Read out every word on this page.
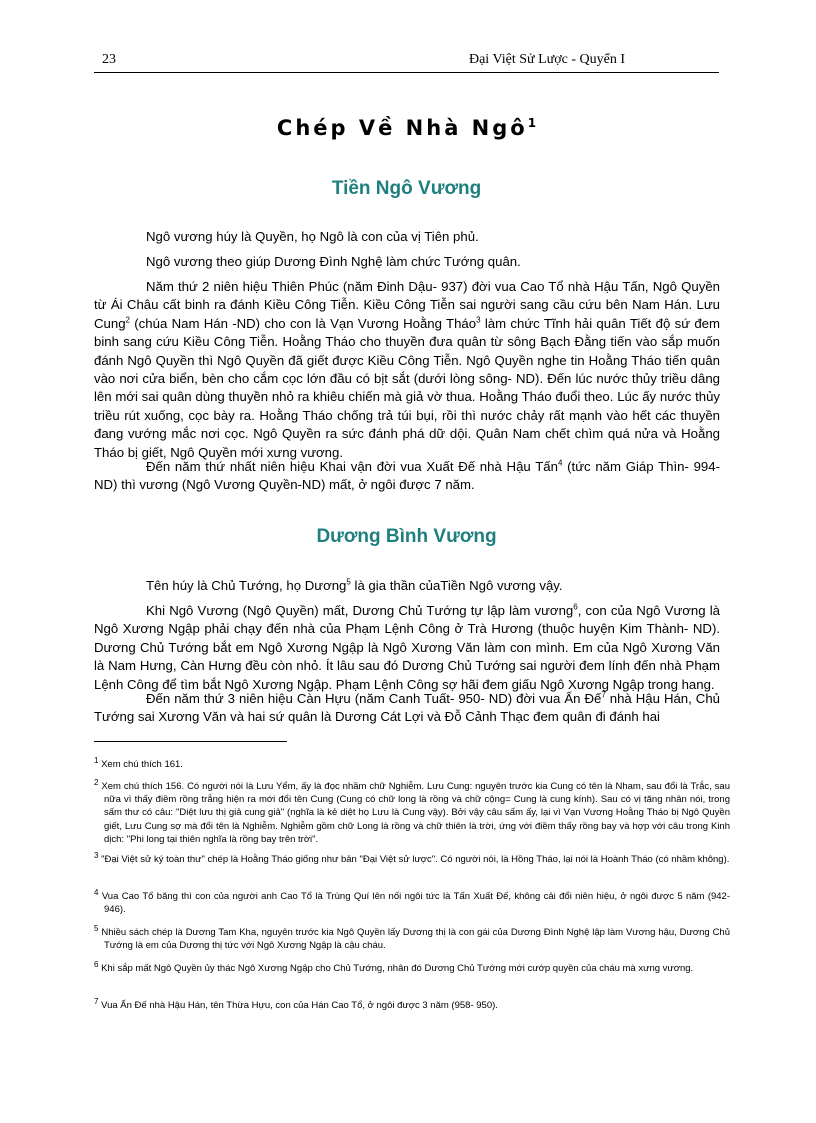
23	Đại Việt Sử Lược - Quyển I
Chép Về Nhà Ngô$^1$
Tiền Ngô Vương

Ngô vương húy là Quyền, họ Ngô là con của vị Tiên phủ.

Ngô vương theo giúp Dương Đình Nghệ làm chức Tướng quân.

Năm thứ 2 niên hiệu Thiên Phúc (năm Đinh Dậu- 937) đời vua Cao Tổ nhà Hậu Tấn, Ngô Quyền từ Ái Châu cất binh ra đánh Kiều Công Tiễn. Kiều Công Tiễn sai người sang cầu cứu bên Nam Hán. Lưu Cung$^2$ (chúa Nam Hán -ND) cho con là Vạn Vương Hoằng Tháo$^3$ làm chức Tĩnh hải quân Tiết độ sứ đem binh sang cứu Kiều Công Tiễn. Hoằng Tháo cho thuyền đưa quân từ sông Bạch Đằng tiến vào sắp muốn đánh Ngô Quyền thì Ngô Quyền đã giết được Kiều Công Tiễn. Ngô Quyền nghe tin Hoằng Tháo tiến quân vào nơi cửa biển, bèn cho cắm cọc lớn đầu có bịt sắt (dưới lòng sông- ND). Đến lúc nước thủy triều dâng lên mới sai quân dùng thuyền nhỏ ra khiêu chiến mà giả vờ thua. Hoằng Tháo đuổi theo. Lúc ấy nước thủy triều rút xuống, cọc bày ra. Hoằng Tháo chống trả túi bụi, rồi thì nước chảy rất mạnh vào hết các thuyền đang vướng mắc nơi cọc. Ngô Quyền ra sức đánh phá dữ dội. Quân Nam chết chìm quá nửa và Hoằng Tháo bị giết, Ngô Quyền mới xưng vương.

Đến năm thứ nhất niên hiệu Khai vận đời vua Xuất Đế nhà Hậu Tấn$^4$ (tức năm Giáp Thìn- 994-ND) thì vương (Ngô Vương Quyền-ND) mất, ở ngôi được 7 năm.

Dương Bình Vương

Tên húy là Chủ Tướng, họ Dương$^5$ là gia thần củaTiền Ngô vương vậy.

Khi Ngô Vương (Ngô Quyền) mất, Dương Chủ Tướng tự lập làm vương$^6$, con của Ngô Vương là Ngô Xương Ngập phải chạy đến nhà của Phạm Lệnh Công ở Trà Hương (thuộc huyện Kim Thành- ND). Dương Chủ Tướng bắt em Ngô Xương Ngập là Ngô Xương Văn làm con mình. Em của Ngô Xương Văn là Nam Hưng, Càn Hưng đều còn nhỏ. Ít lâu sau đó Dương Chủ Tướng sai người đem lính đến nhà Phạm Lệnh Công để tìm bắt Ngô Xương Ngập. Phạm Lệnh Công sợ hãi đem giấu Ngô Xương Ngập trong hang.

Đến năm thứ 3 niên hiệu Càn Hựu (năm Canh Tuất- 950- ND) đời vua Ẩn Đế$^7$ nhà Hậu Hán, Chủ Tướng sai Xương Văn và hai sứ quân là Dương Cát Lợi và Đỗ Cảnh Thạc đem quân đi đánh hai

$^1$ Xem chú thích 161.

$^2$ Xem chú thích 156. Có người nói là Lưu Yểm, ấy là đọc nhầm chữ Nghiễm. Lưu Cung: nguyên trước kia Cung có tên là Nham, sau đổi là Trắc, sau nữa vì thấy điềm rồng trắng hiện ra mới đổi tên Cung (Cung có chữ long là rồng và chữ cộng= Cung là cung kính). Sau có vị tăng nhân nói, trong sấm thư có câu: "Diệt lưu thị giả cung giả" (nghĩa là kẻ diệt họ Lưu là Cung vậy). Bởi vậy câu sấm ấy, lại vì Vạn Vương Hoằng Tháo bị Ngô Quyền giết, Lưu Cung sợ mà đổi tên là Nghiễm. Nghiễm gồm chữ Long là rồng và chữ thiên là trời, ứng với điềm thấy rồng bay và hợp với câu trong Kinh dịch: "Phi long tại thiên nghĩa là rồng bay trên trời".

$^3$ "Đại Việt sử ký toàn thư" chép là Hoằng Tháo giống như bản "Đại Việt sử lược". Có người nói, là Hồng Tháo, lại nói là Hoành Tháo (có nhầm không).

$^4$ Vua Cao Tổ băng thì con của người anh Cao Tổ là Trùng Quí lên nối ngôi tức là Tấn Xuất Đế, không cải đổi niên hiệu, ở ngôi được 5 năm (942- 946).

$^5$ Nhiều sách chép là Dương Tam Kha, nguyên trước kia Ngô Quyền lấy Dương thị là con gái của Dương Đình Nghệ lập làm Vương hậu, Dương Chủ Tướng là em của Dương thị tức với Ngô Xương Ngập là cậu cháu.

$^6$ Khi sắp mất Ngô Quyền ủy thác Ngô Xương Ngập cho Chủ Tướng, nhân đó Dương Chủ Tướng mới cướp quyền của cháu mà xưng vương.

$^7$ Vua Ẩn Đế nhà Hậu Hán, tên Thừa Hựu, con của Hán Cao Tổ, ở ngôi được 3 năm (958- 950).
